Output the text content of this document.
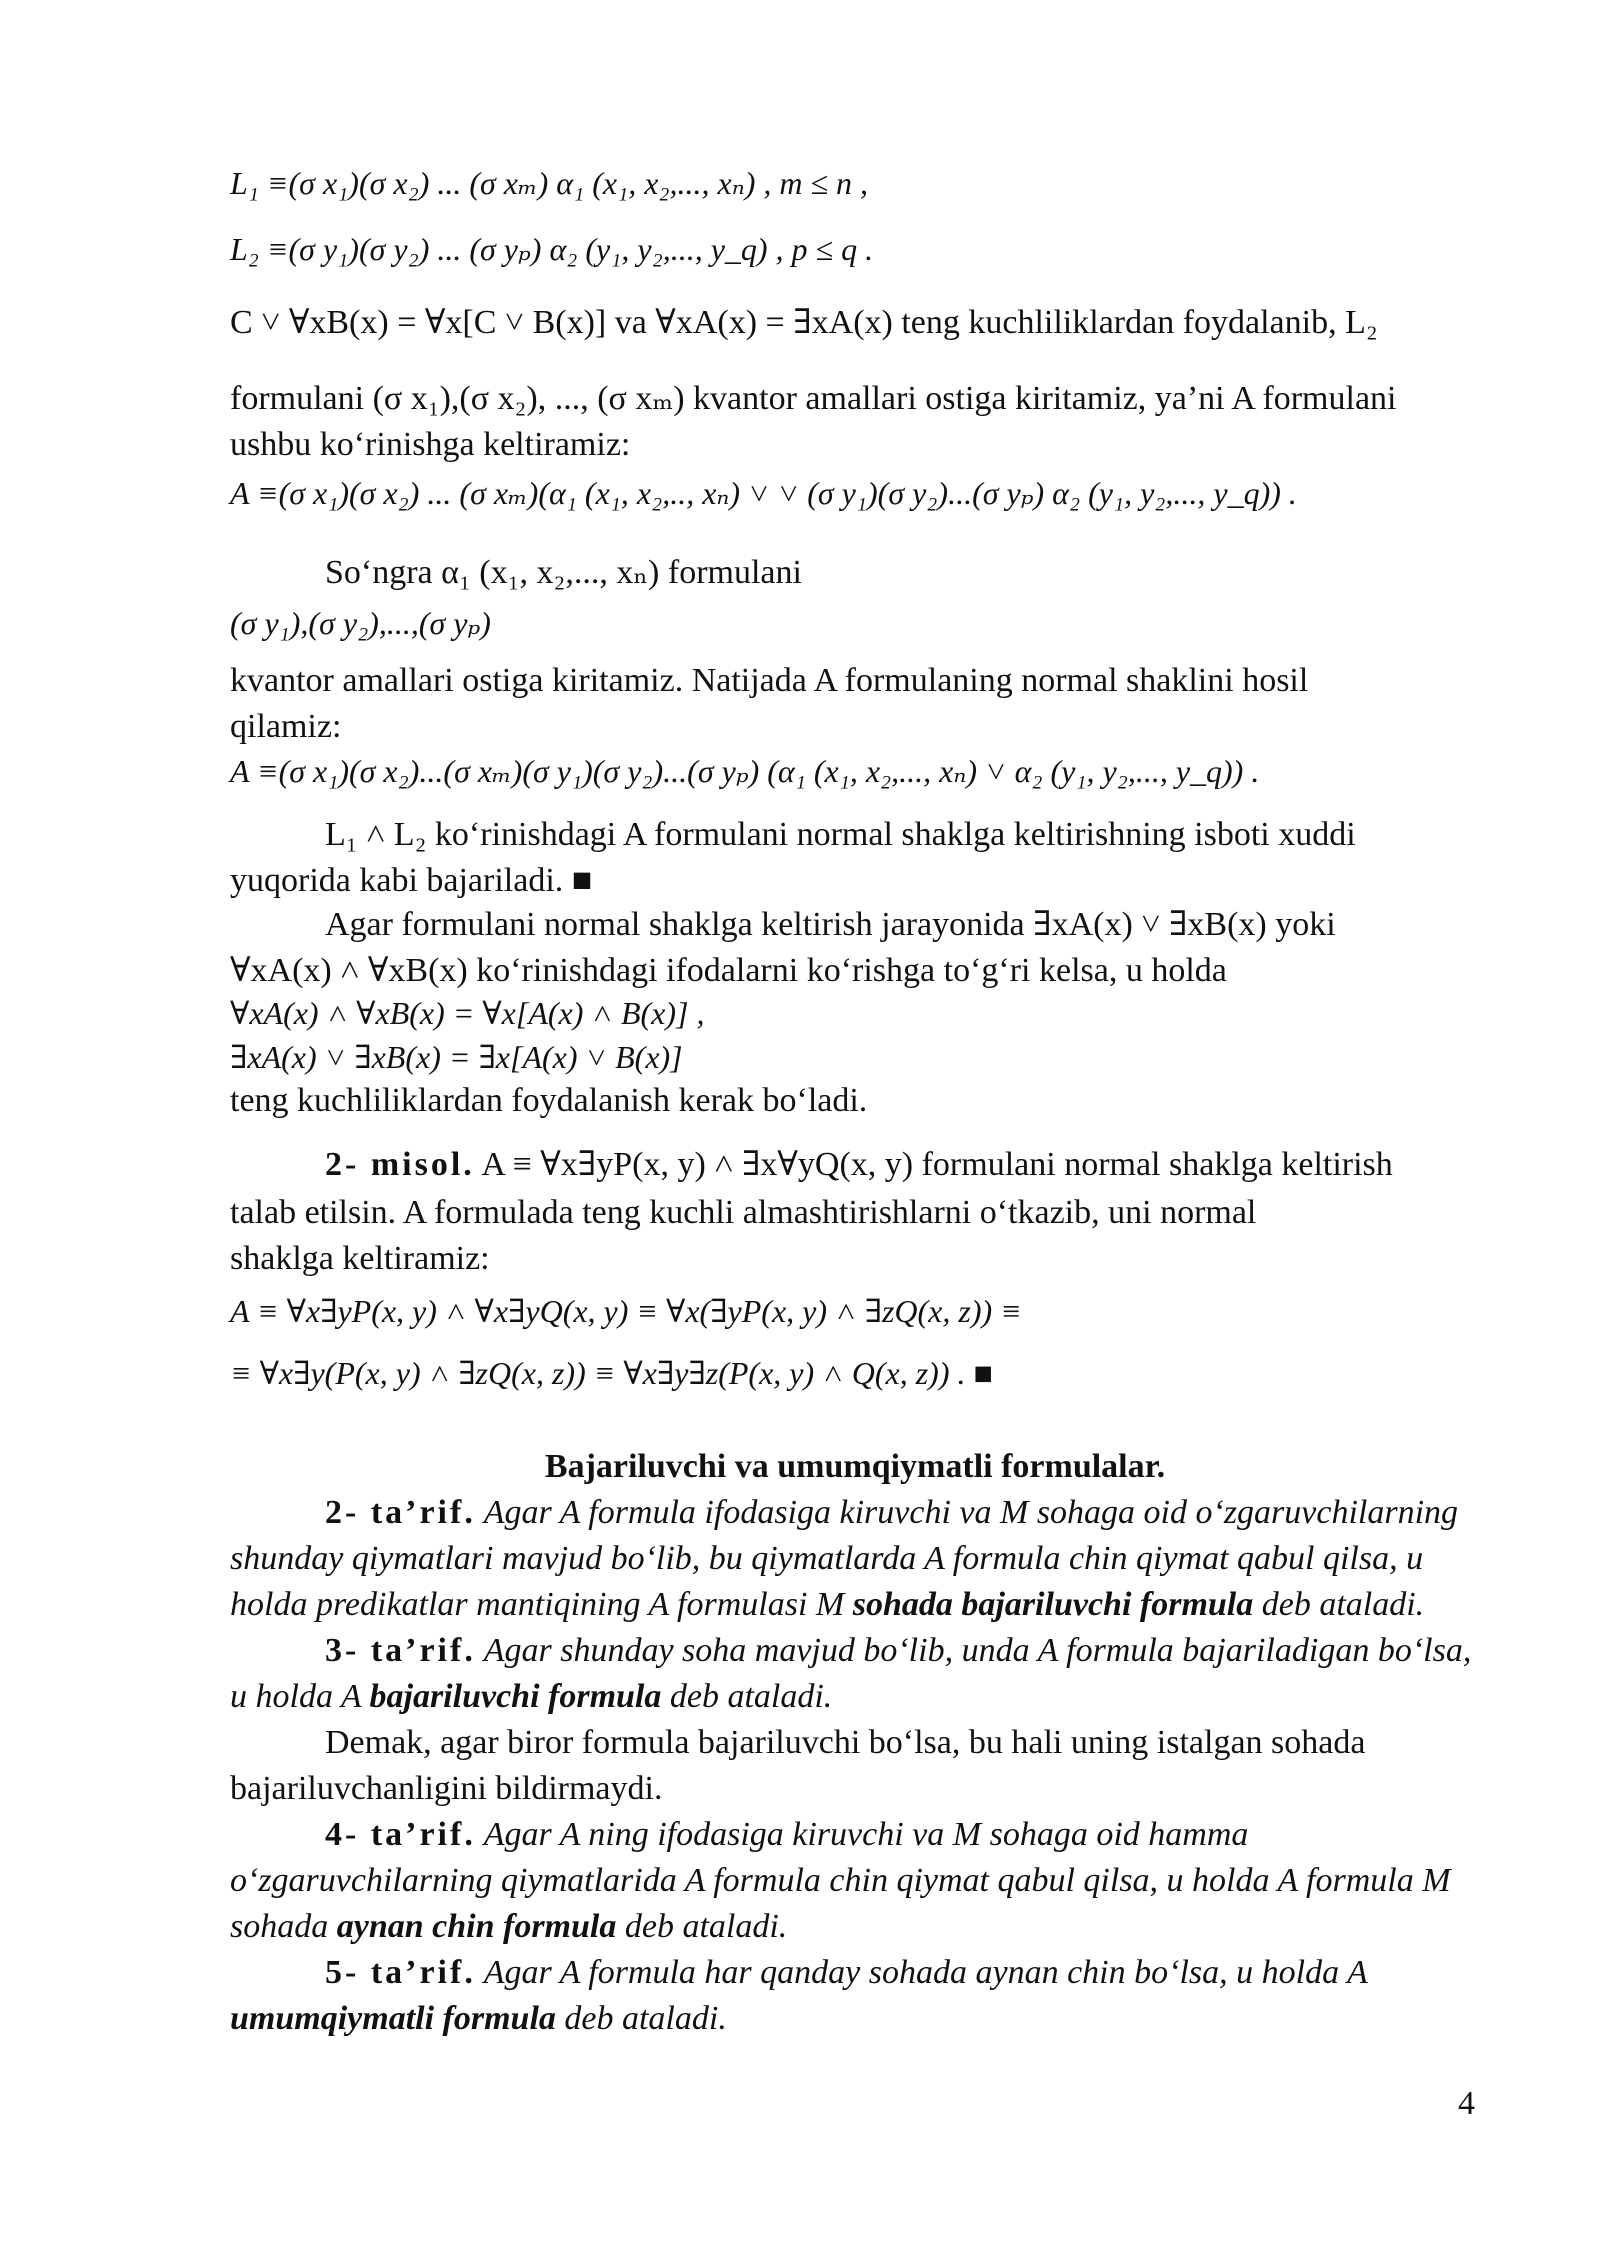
L₁ ≡(σ x₁)(σ x₂) ... (σ xₘ) α₁ (x₁, x₂,..., xₙ) , m ≤ n ,
L₂ ≡(σ y₁)(σ y₂) ... (σ yₚ) α₂ (y₁, y₂,..., y_q) , p ≤ q .
C ˅ ∀xB(x) = ∀x[C ˅ B(x)] va ∀xA(x) = ∃xA(x) teng kuchliliklardan foydalanib, L₂
formulani (σ x₁),(σ x₂), ..., (σ xₘ) kvantor amallari ostiga kiritamiz, ya’ni A formulani
ushbu ko‘rinishga keltiramiz:
A ≡(σ x₁)(σ x₂) ... (σ xₘ)(α₁ (x₁, x₂,.., xₙ) ˅ ˅ (σ y₁)(σ y₂)...(σ yₚ) α₂ (y₁, y₂,..., y_q)) .
So‘ngra α₁ (x₁, x₂,..., xₙ) formulani
(σ y₁),(σ y₂),...,(σ yₚ)
kvantor amallari ostiga kiritamiz. Natijada A formulaning normal shaklini hosil
qilamiz:
A ≡(σ x₁)(σ x₂)...(σ xₘ)(σ y₁)(σ y₂)...(σ yₚ) (α₁ (x₁, x₂,..., xₙ) ˅ α₂ (y₁, y₂,..., y_q)) .
L₁ ˄ L₂ ko‘rinishdagi A formulani normal shaklga keltirishning isboti xuddi
yuqorida kabi bajariladi. ■
Agar formulani normal shaklga keltirish jarayonida ∃xA(x) ˅ ∃xB(x) yoki
∀xA(x) ˄ ∀xB(x) ko‘rinishdagi ifodalarni ko‘rishga to‘g‘ri kelsa, u holda
∀xA(x) ˄ ∀xB(x) = ∀x[A(x) ˄ B(x)] ,
∃xA(x) ˅ ∃xB(x) = ∃x[A(x) ˅ B(x)]
teng kuchliliklardan foydalanish kerak bo‘ladi.
2- misol. A ≡ ∀x∃yP(x, y) ˄ ∃x∀yQ(x, y) formulani normal shaklga keltirish
talab etilsin. A formulada teng kuchli almashtirishlarni o‘tkazib, uni normal
shaklga keltiramiz:
A ≡ ∀x∃yP(x, y) ˄ ∀x∃yQ(x, y) ≡ ∀x(∃yP(x, y) ˄ ∃zQ(x, z)) ≡
≡ ∀x∃y(P(x, y) ˄ ∃zQ(x, z)) ≡ ∀x∃y∃z(P(x, y) ˄ Q(x, z)) . ■
Bajariluvchi va umumqiymatli formulalar.
2- ta’rif. Agar A formula ifodasiga kiruvchi va M sohaga oid o‘zgaruvchilarning shunday qiymatlari mavjud bo‘lib, bu qiymatlarda A formula chin qiymat qabul qilsa, u holda predikatlar mantiqining A formulasi M sohada bajariluvchi formula deb ataladi.
3- ta’rif. Agar shunday soha mavjud bo‘lib, unda A formula bajariladigan bo‘lsa, u holda A bajariluvchi formula deb ataladi.
Demak, agar biror formula bajariluvchi bo‘lsa, bu hali uning istalgan sohada bajariluvchanligini bildirmaydi.
4- ta’rif. Agar A ning ifodasiga kiruvchi va M sohaga oid hamma o‘zgaruvchilarning qiymatlarida A formula chin qiymat qabul qilsa, u holda A formula M sohada aynan chin formula deb ataladi.
5- ta’rif. Agar A formula har qanday sohada aynan chin bo‘lsa, u holda A umumqiymatli formula deb ataladi.
4
